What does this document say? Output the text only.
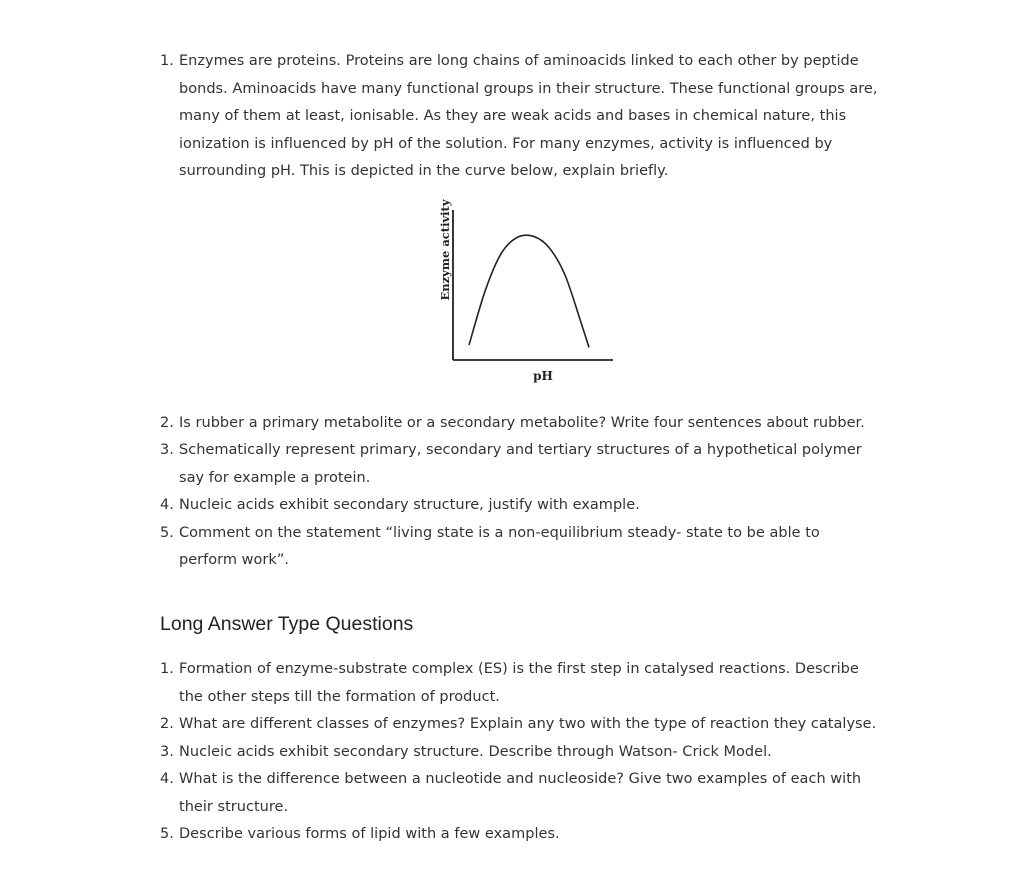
1. Enzymes are proteins. Proteins are long chains of aminoacids linked to each other by peptide bonds. Aminoacids have many functional groups in their structure. These functional groups are, many of them at least, ionisable. As they are weak acids and bases in chemical nature, this ionization is influenced by pH of the solution. For many enzymes, activity is influenced by surrounding pH. This is depicted in the curve below, explain briefly.
Enzyme activity
pH
2. Is rubber a primary metabolite or a secondary metabolite? Write four sentences about rubber.
3. Schematically represent primary, secondary and tertiary structures of a hypothetical polymer say for example a protein.
4. Nucleic acids exhibit secondary structure, justify with example.
5. Comment on the statement “living state is a non-equilibrium steady- state to be able to perform work”.
Long Answer Type Questions
1. Formation of enzyme-substrate complex (ES) is the first step in catalysed reactions. Describe the other steps till the formation of product.
2. What are different classes of enzymes? Explain any two with the type of reaction they catalyse.
3. Nucleic acids exhibit secondary structure. Describe through Watson- Crick Model.
4. What is the difference between a nucleotide and nucleoside? Give two examples of each with their structure.
5. Describe various forms of lipid with a few examples.
